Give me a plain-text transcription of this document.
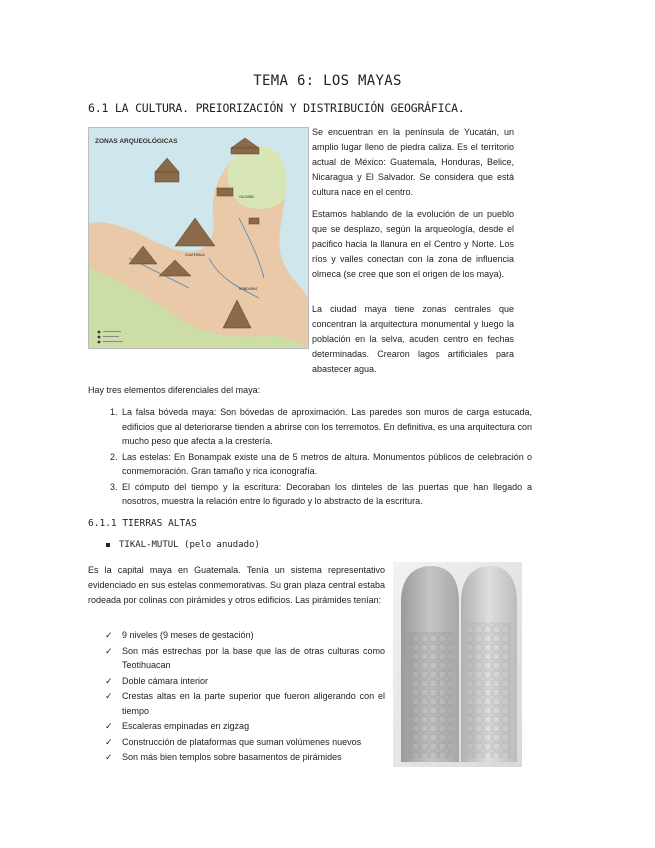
TEMA 6: LOS MAYAS
6.1 LA CULTURA. PREIORIZACIÓN Y DISTRIBUCIÓN GEOGRÁFICA.
YUCATÁN
GUATEMALA
HONDURAS
ZONAS ARQUEOLÓGICAS

Se encuentran en la península de Yucatán, un amplio lugar lleno de piedra caliza. Es el territorio actual de México: Guatemala, Honduras, Belice, Nicaragua y El Salvador. Se considera que está cultura nace en el centro.

Estamos hablando de la evolución de un pueblo que se desplazo, según la arqueología, desde el pacifico hacia la llanura en el Centro y Norte. Los ríos y valles conectan con la zona de influencia olmeca (se cree que son el origen de los maya).

La ciudad maya tiene zonas centrales que concentran la arquitectura monumental y luego la población en la selva, acuden centro en fechas determinadas. Crearon lagos artificiales para abastecer agua.

Hay tres elementos diferenciales del maya:

1. La falsa bóveda maya: Son bóvedas de aproximación. Las paredes son muros de carga estucada, edificios que al deteriorarse tienden a abrirse con los terremotos. En definitiva, es una arquitectura con mucho peso que afecta a la crestería.
2. Las estelas: En Bonampak existe una de 5 metros de altura. Monumentos públicos de celebración o conmemoración. Gran tamaño y rica iconografía.
3. El cómputo del tiempo y la escritura: Decoraban los dinteles de las puertas que han llegado a nosotros, muestra la relación entre lo figurado y lo abstracto de la escritura.
6.1.1 TIERRAS ALTAS

TIKAL-MUTUL (pelo anudado)

Es la capital maya en Guatemala. Tenía un sistema representativo evidenciado en sus estelas conmemorativas. Su gran plaza central estaba rodeada por colinas con pirámides y otros edificios. Las pirámides tenían:

✓ 9 niveles (9 meses de gestación)
✓ Son más estrechas por la base que las de otras culturas como Teotihuacan
✓ Doble cámara interior
✓ Crestas altas en la parte superior que fueron aligerando con el tiempo
✓ Escaleras empinadas en zigzag
✓ Construcción de plataformas que suman volúmenes nuevos
✓ Son más bien templos sobre basamentos de pirámides
